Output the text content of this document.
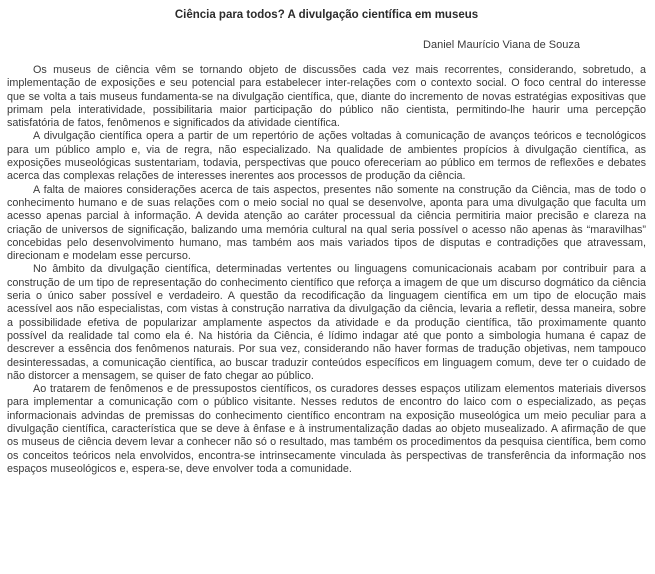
Ciência para todos? A divulgação científica em museus
Daniel Maurício Viana de Souza

Os museus de ciência vêm se tornando objeto de discussões cada vez mais recorrentes, considerando, sobretudo, a implementação de exposições e seu potencial para estabelecer inter-relações com o contexto social. O foco central do interesse que se volta a tais museus fundamenta-se na divulgação científica, que, diante do incremento de novas estratégias expositivas que primam pela interatividade, possibilitaria maior participação do público não cientista, permitindo-lhe haurir uma percepção satisfatória de fatos, fenômenos e significados da atividade científica.

A divulgação científica opera a partir de um repertório de ações voltadas à comunicação de avanços teóricos e tecnológicos para um público amplo e, via de regra, não especializado. Na qualidade de ambientes propícios à divulgação científica, as exposições museológicas sustentariam, todavia, perspectivas que pouco ofereceriam ao público em termos de reflexões e debates acerca das complexas relações de interesses inerentes aos processos de produção da ciência.

A falta de maiores considerações acerca de tais aspectos, presentes não somente na construção da Ciência, mas de todo o conhecimento humano e de suas relações com o meio social no qual se desenvolve, aponta para uma divulgação que faculta um acesso apenas parcial à informação. A devida atenção ao caráter processual da ciência permitiria maior precisão e clareza na criação de universos de significação, balizando uma memória cultural na qual seria possível o acesso não apenas às “maravilhas” concebidas pelo desenvolvimento humano, mas também aos mais variados tipos de disputas e contradições que atravessam, direcionam e modelam esse percurso.

No âmbito da divulgação científica, determinadas vertentes ou linguagens comunicacionais acabam por contribuir para a construção de um tipo de representação do conhecimento científico que reforça a imagem de que um discurso dogmático da ciência seria o único saber possível e verdadeiro. A questão da recodificação da linguagem científica em um tipo de elocução mais acessível aos não especialistas, com vistas à construção narrativa da divulgação da ciência, levaria a refletir, dessa maneira, sobre a possibilidade efetiva de popularizar amplamente aspectos da atividade e da produção científica, tão proximamente quanto possível da realidade tal como ela é. Na história da Ciência, é lídimo indagar até que ponto a simbologia humana é capaz de descrever a essência dos fenômenos naturais. Por sua vez, considerando não haver formas de tradução objetivas, nem tampouco desinteressadas, a comunicação científica, ao buscar traduzir conteúdos específicos em linguagem comum, deve ter o cuidado de não distorcer a mensagem, se quiser de fato chegar ao público.

Ao tratarem de fenômenos e de pressupostos científicos, os curadores desses espaços utilizam elementos materiais diversos para implementar a comunicação com o público visitante. Nesses redutos de encontro do laico com o especializado, as peças informacionais advindas de premissas do conhecimento científico encontram na exposição museológica um meio peculiar para a divulgação científica, característica que se deve à ênfase e à instrumentalização dadas ao objeto musealizado. A afirmação de que os museus de ciência devem levar a conhecer não só o resultado, mas também os procedimentos da pesquisa científica, bem como os conceitos teóricos nela envolvidos, encontra-se intrinsecamente vinculada às perspectivas de transferência da informação nos espaços museológicos e, espera-se, deve envolver toda a comunidade.
